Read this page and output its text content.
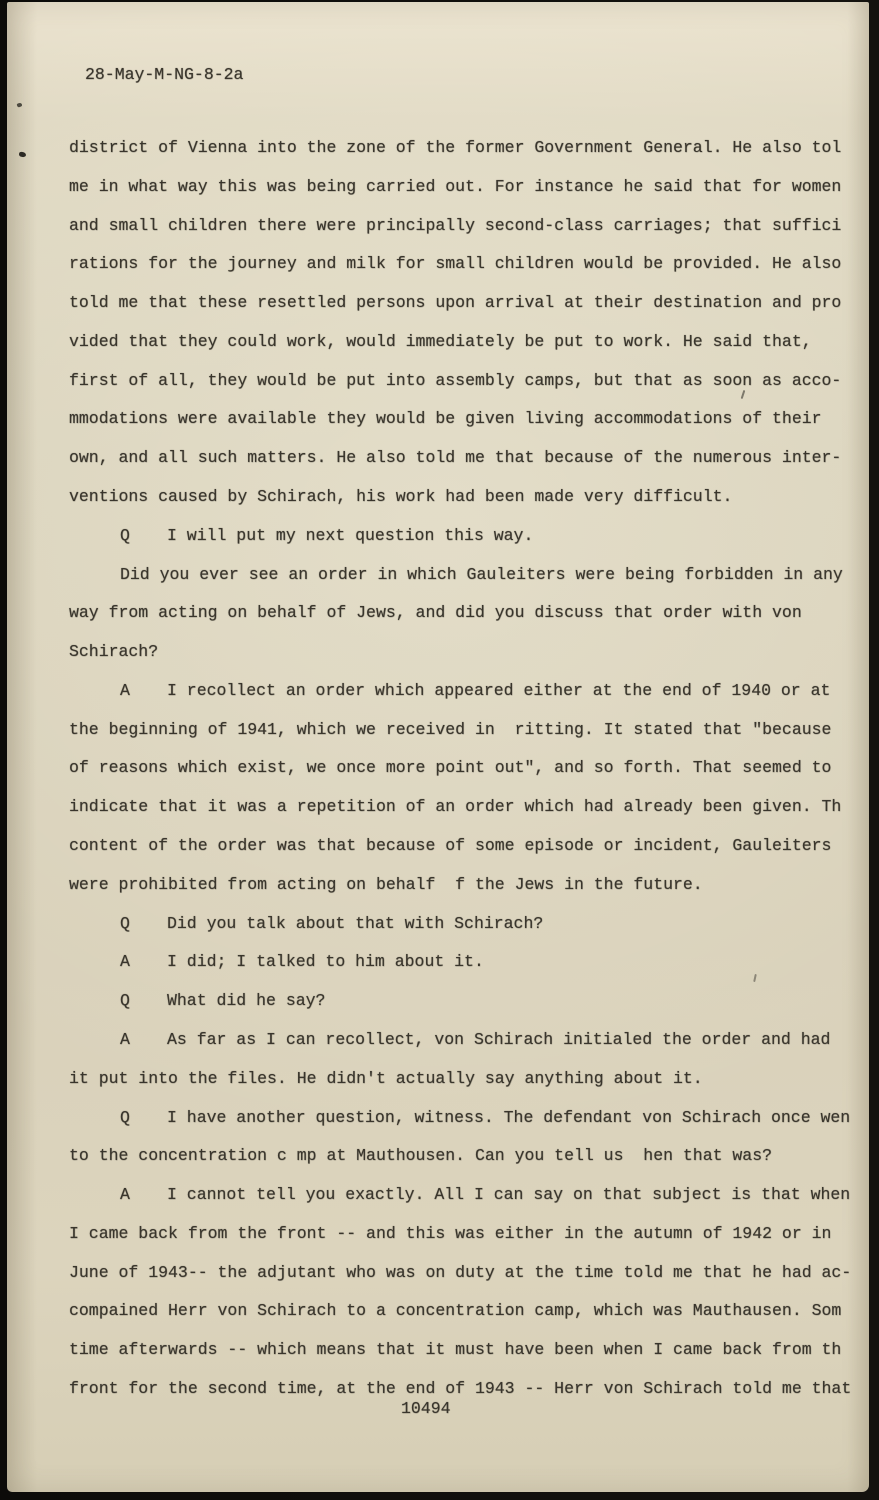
28-May-M-NG-8-2a
district of Vienna into the zone of the former Government General. He also tol
me in what way this was being carried out. For instance he said that for women
and small children there were principally second-class carriages; that suffici
rations for the journey and milk for small children would be provided. He also
told me that these resettled persons upon arrival at their destination and pro
vided that they could work, would immediately be put to work. He said that,
first of all, they would be put into assembly camps, but that as soon as acco-
mmodations were available they would be given living accommodations of their
own, and all such matters. He also told me that because of the numerous inter-
ventions caused by Schirach, his work had been made very difficult.
Q I will put my next question this way.
Did you ever see an order in which Gauleiters were being forbidden in any
way from acting on behalf of Jews, and did you discuss that order with von
Schirach?
A I recollect an order which appeared either at the end of 1940 or at
the beginning of 1941, which we received in  ritting. It stated that "because
of reasons which exist, we once more point out", and so forth. That seemed to
indicate that it was a repetition of an order which had already been given. Th
content of the order was that because of some episode or incident, Gauleiters
were prohibited from acting on behalf  f the Jews in the future.
Q Did you talk about that with Schirach?
A I did; I talked to him about it.
Q What did he say?
A As far as I can recollect, von Schirach initialed the order and had
it put into the files. He didn't actually say anything about it.
Q I have another question, witness. The defendant von Schirach once wen
to the concentration c mp at Mauthousen. Can you tell us  hen that was?
A I cannot tell you exactly. All I can say on that subject is that when
I came back from the front -- and this was either in the autumn of 1942 or in
June of 1943-- the adjutant who was on duty at the time told me that he had ac-
compained Herr von Schirach to a concentration camp, which was Mauthausen. Som
time afterwards -- which means that it must have been when I came back from th
front for the second time, at the end of 1943 -- Herr von Schirach told me that
10494
